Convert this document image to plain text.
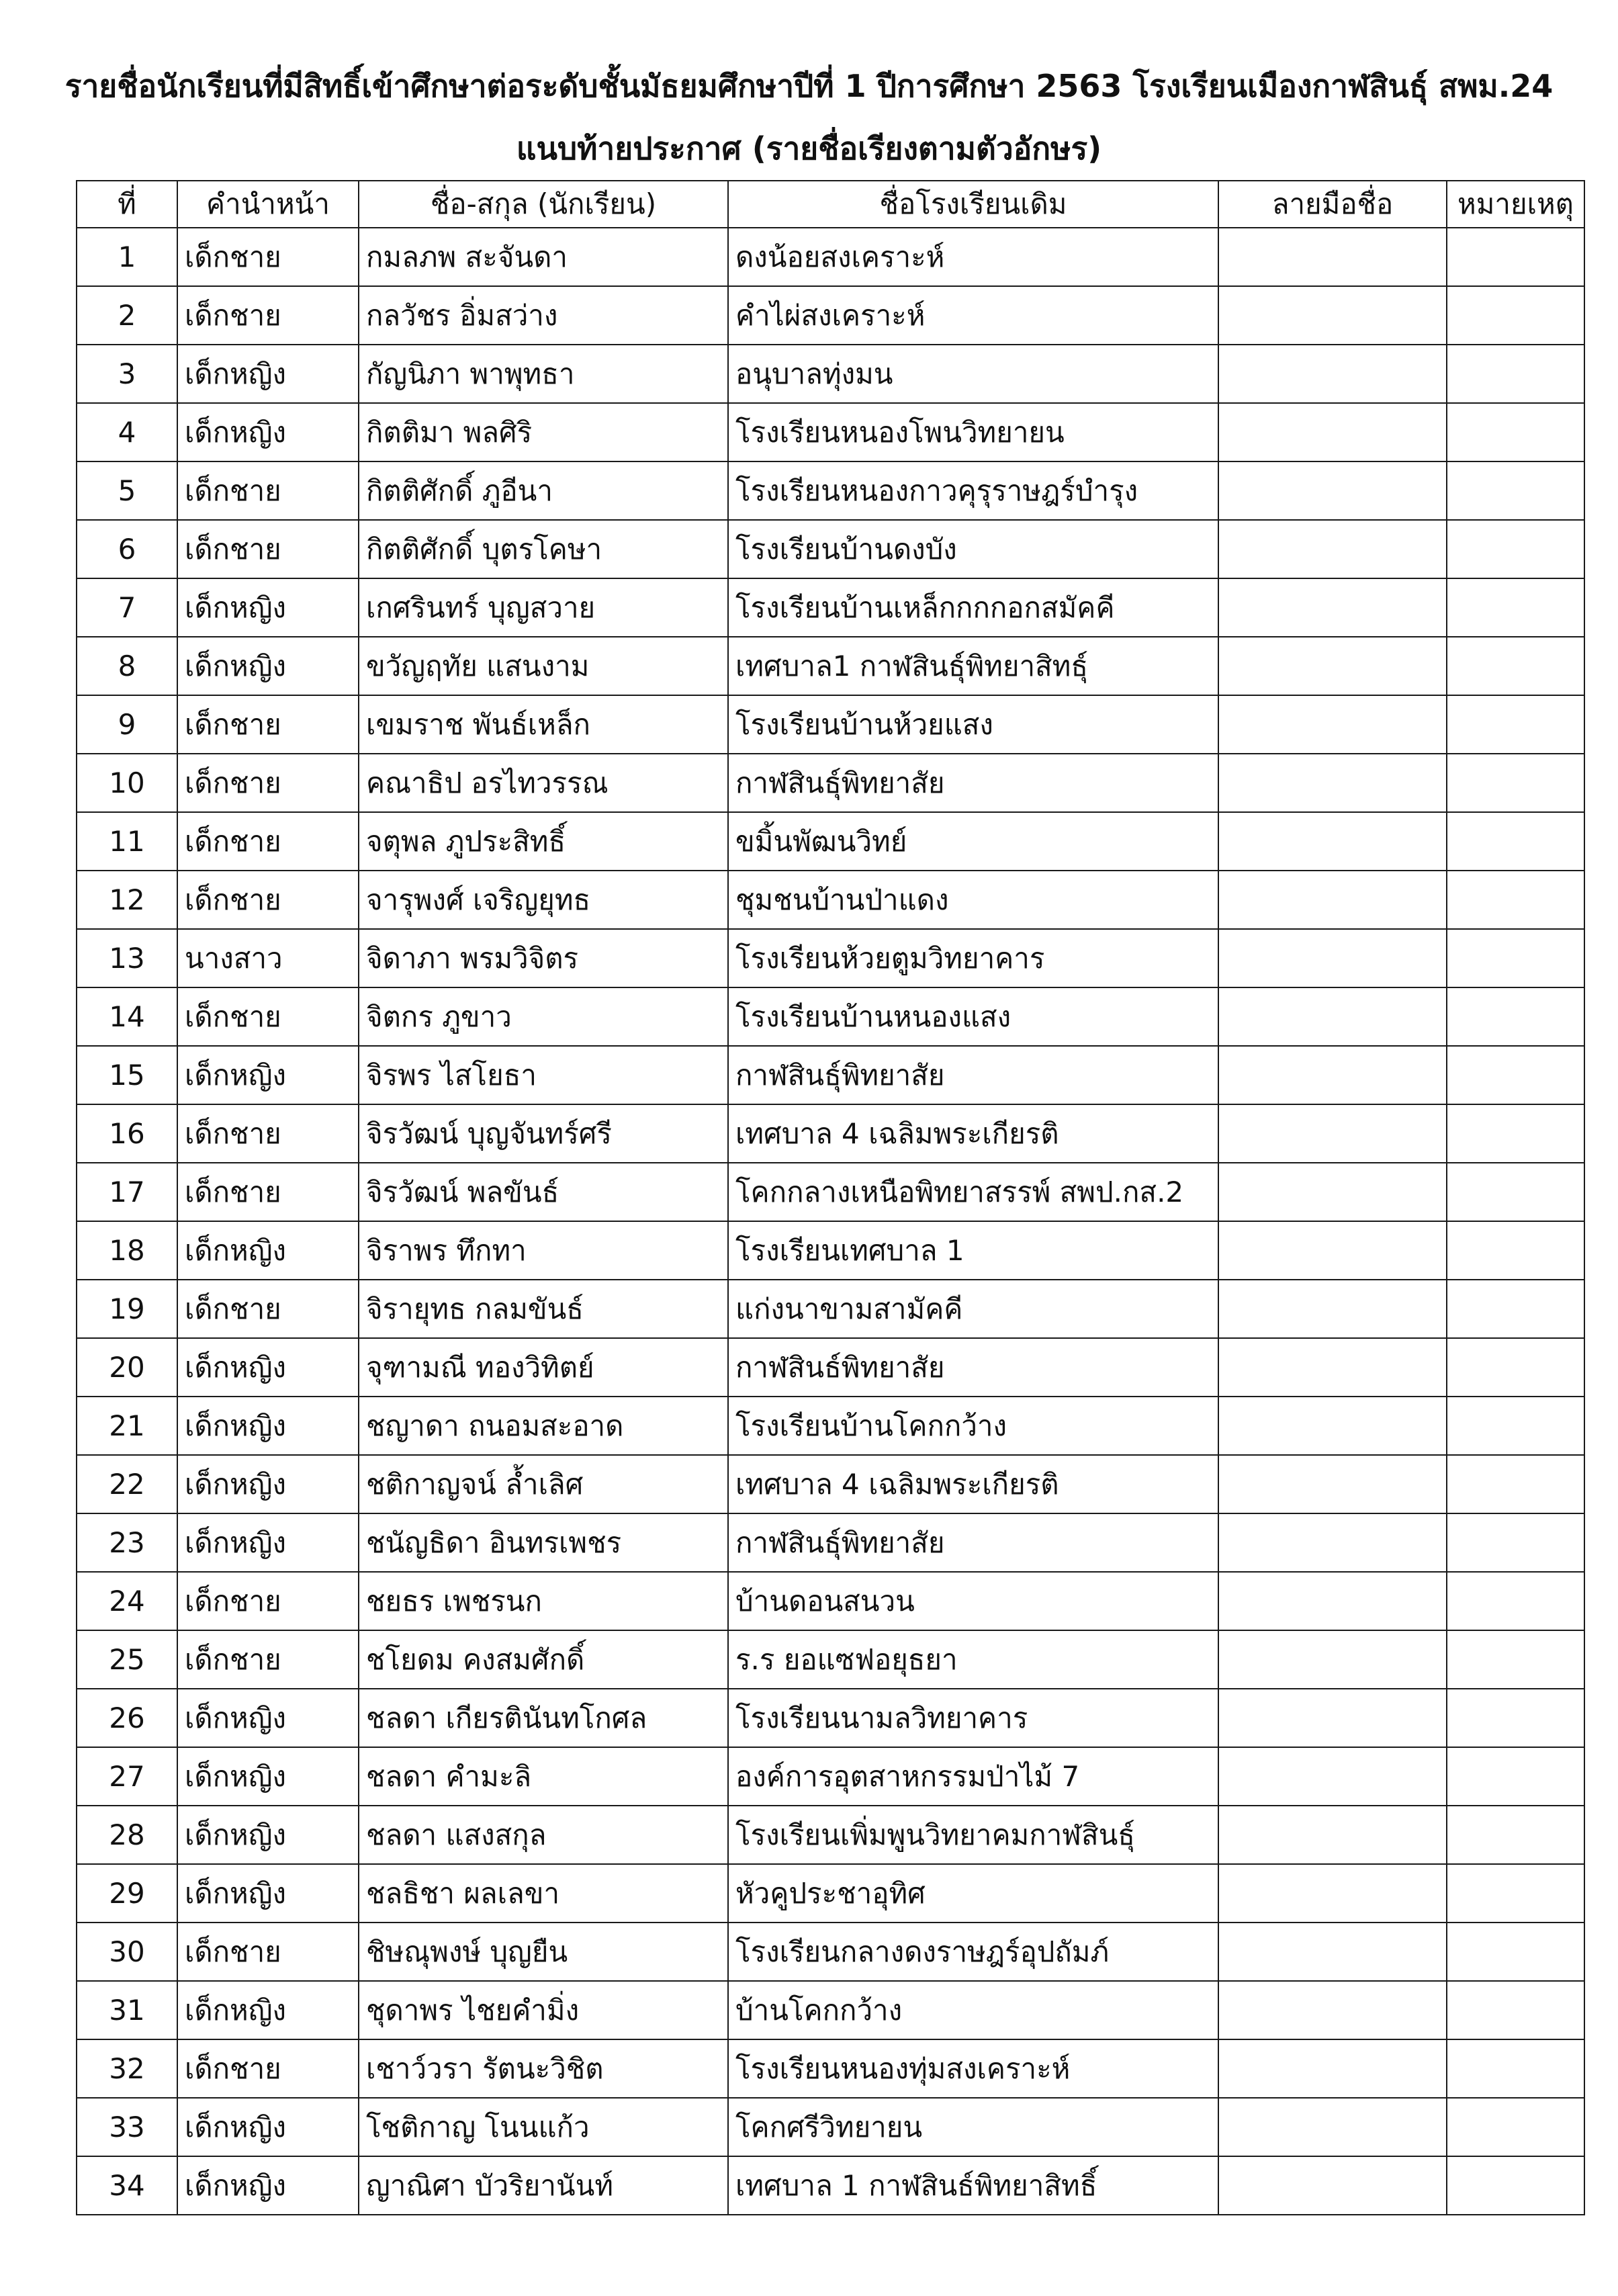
รายชื่อนักเรียนที่มีสิทธิ์เข้าศึกษาต่อระดับชั้นมัธยมศึกษาปีที่ 1 ปีการศึกษา 2563 โรงเรียนเมืองกาฬสินธุ์ สพม.24
แนบท้ายประกาศ (รายชื่อเรียงตามตัวอักษร)
ที่	คำนำหน้า	ชื่อ-สกุล (นักเรียน)	ชื่อโรงเรียนเดิม	ลายมือชื่อ	หมายเหตุ
1	เด็กชาย	กมลภพ สะจันดา	ดงน้อยสงเคราะห์		
2	เด็กชาย	กลวัชร อิ่มสว่าง	คำไผ่สงเคราะห์		
3	เด็กหญิง	กัญนิภา พาพุทธา	อนุบาลทุ่งมน		
4	เด็กหญิง	กิตติมา พลศิริ	โรงเรียนหนองโพนวิทยายน		
5	เด็กชาย	กิตติศักดิ์ ภูอีนา	โรงเรียนหนองกาวคุรุราษฎร์บำรุง		
6	เด็กชาย	กิตติศักดิ์ บุตรโคษา	โรงเรียนบ้านดงบัง		
7	เด็กหญิง	เกศรินทร์ บุญสวาย	โรงเรียนบ้านเหล็กกกกอกสมัคคี		
8	เด็กหญิง	ขวัญฤทัย แสนงาม	เทศบาล1 กาฬสินธุ์พิทยาสิทธุ์		
9	เด็กชาย	เขมราช พันธ์เหล็ก	โรงเรียนบ้านห้วยแสง		
10	เด็กชาย	คณาธิป อรไทวรรณ	กาฬสินธุ์พิทยาสัย		
11	เด็กชาย	จตุพล ภูประสิทธิ์	ขมิ้นพัฒนวิทย์		
12	เด็กชาย	จารุพงศ์ เจริญยุทธ	ชุมชนบ้านป่าแดง		
13	นางสาว	จิดาภา พรมวิจิตร	โรงเรียนห้วยตูมวิทยาคาร		
14	เด็กชาย	จิตกร ภูขาว	โรงเรียนบ้านหนองแสง		
15	เด็กหญิง	จิรพร ไสโยธา	กาฬสินธุ์พิทยาสัย		
16	เด็กชาย	จิรวัฒน์ บุญจันทร์ศรี	เทศบาล 4 เฉลิมพระเกียรติ		
17	เด็กชาย	จิรวัฒน์ พลขันธ์	โคกกลางเหนือพิทยาสรรพ์ สพป.กส.2		
18	เด็กหญิง	จิราพร ทึกทา	โรงเรียนเทศบาล 1		
19	เด็กชาย	จิรายุทธ กลมขันธ์	แก่งนาขามสามัคคี		
20	เด็กหญิง	จุฑามณี ทองวิทิตย์	กาฬสินธ์พิทยาสัย		
21	เด็กหญิง	ชญาดา ถนอมสะอาด	โรงเรียนบ้านโคกกว้าง		
22	เด็กหญิง	ชติกาญจน์ ล้ำเลิศ	เทศบาล 4 เฉลิมพระเกียรติ		
23	เด็กหญิง	ชนัญธิดา อินทรเพชร	กาฬสินธุ์พิทยาสัย		
24	เด็กชาย	ชยธร เพชรนก	บ้านดอนสนวน		
25	เด็กชาย	ชโยดม คงสมศักดิ์	ร.ร ยอแซฟอยุธยา		
26	เด็กหญิง	ชลดา เกียรตินันทโกศล	โรงเรียนนามลวิทยาคาร		
27	เด็กหญิง	ชลดา คำมะลิ	องค์การอุตสาหกรรมป่าไม้ 7		
28	เด็กหญิง	ชลดา แสงสกุล	โรงเรียนเพิ่มพูนวิทยาคมกาฬสินธุ์		
29	เด็กหญิง	ชลธิชา ผลเลขา	หัวคูประชาอุทิศ		
30	เด็กชาย	ชิษณุพงษ์ บุญยืน	โรงเรียนกลางดงราษฎร์อุปถัมภ์		
31	เด็กหญิง	ชุดาพร ไชยคำมิ่ง	บ้านโคกกว้าง		
32	เด็กชาย	เชาว์วรา รัตนะวิชิต	โรงเรียนหนองทุ่มสงเคราะห์		
33	เด็กหญิง	โชติกาญ โนนแก้ว	โคกศรีวิทยายน		
34	เด็กหญิง	ญาณิศา บัวริยานันท์	เทศบาล 1 กาฬสินธ์พิทยาสิทธิ์		
